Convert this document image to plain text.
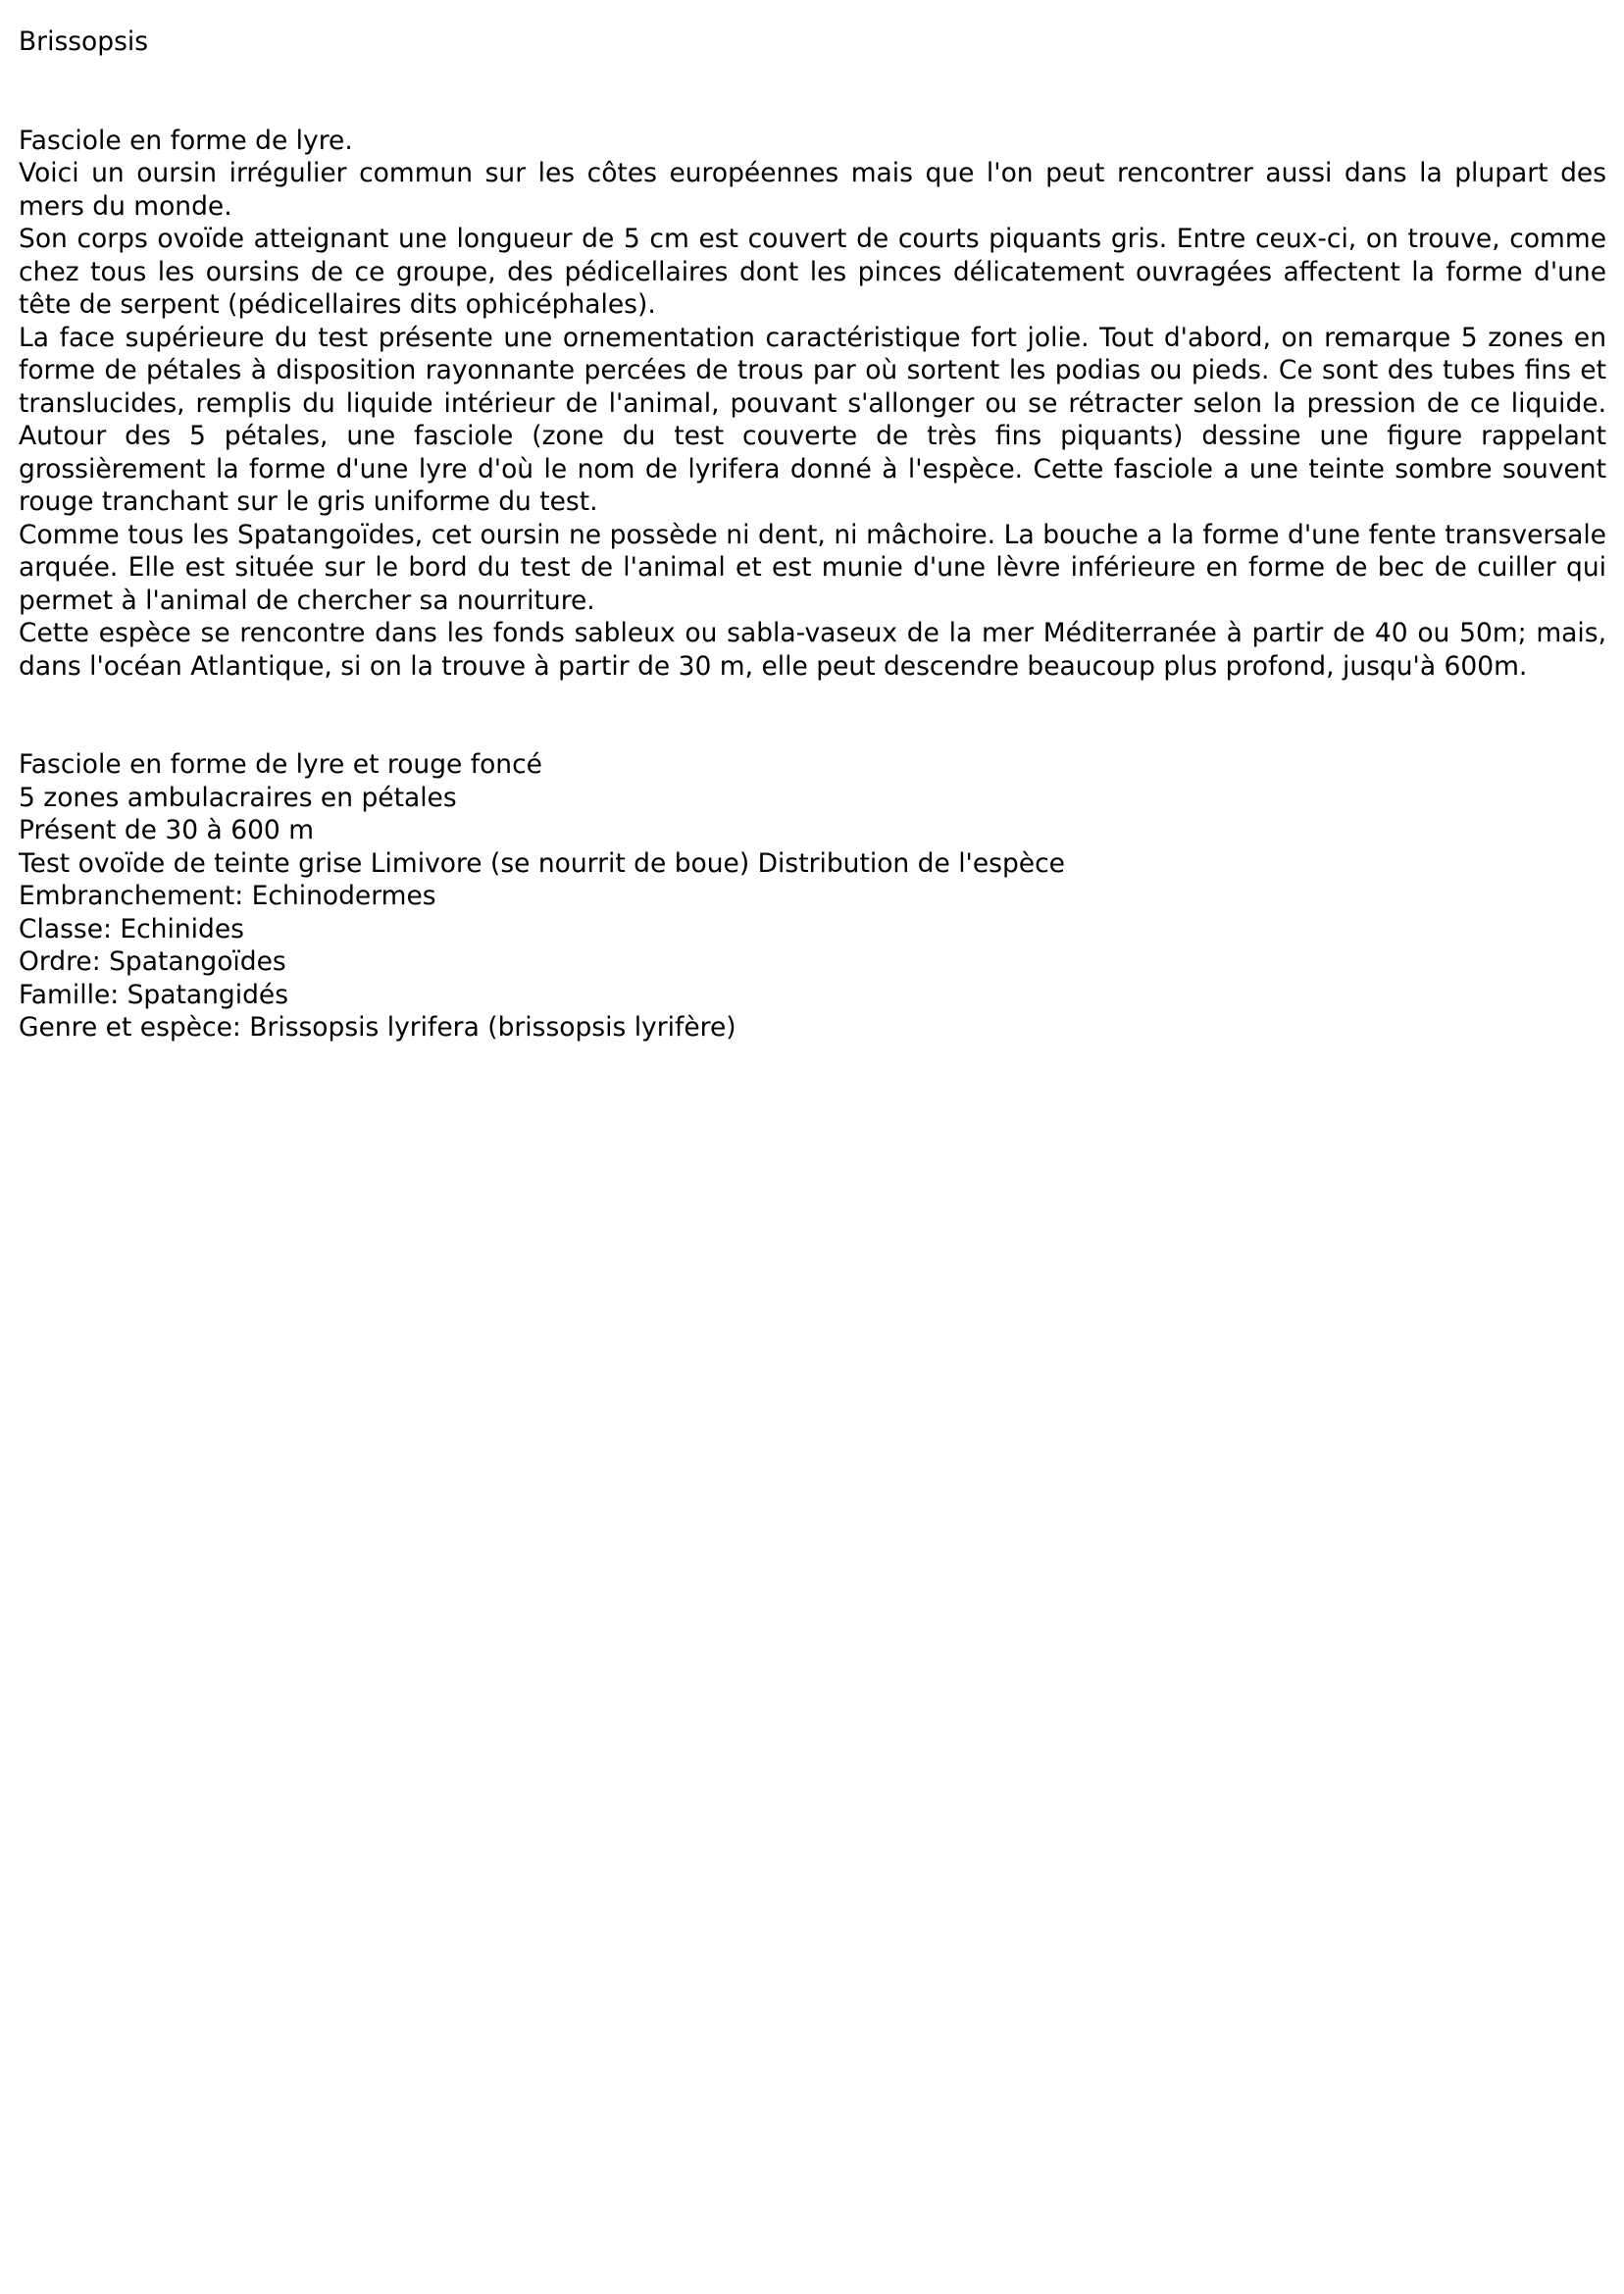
Brissopsis

Fasciole en forme de lyre.

Voici un oursin irrégulier commun sur les côtes européennes mais que l'on peut rencontrer aussi dans la plupart des mers du monde.

Son corps ovoïde atteignant une longueur de 5 cm est couvert de courts piquants gris. Entre ceux-ci, on trouve, comme chez tous les oursins de ce groupe, des pédicellaires dont les pinces délicatement ouvragées affectent la forme d'une tête de serpent (pédicellaires dits ophicéphales).

La face supérieure du test présente une ornementation caractéristique fort jolie. Tout d'abord, on remarque 5 zones en forme de pétales à disposition rayonnante percées de trous par où sortent les podias ou pieds. Ce sont des tubes fins et translucides, remplis du liquide intérieur de l'animal, pouvant s'allonger ou se rétracter selon la pression de ce liquide. Autour des 5 pétales, une fasciole (zone du test couverte de très fins piquants) dessine une figure rappelant grossièrement la forme d'une lyre d'où le nom de lyrifera donné à l'espèce. Cette fasciole a une teinte sombre souvent rouge tranchant sur le gris uniforme du test.

Comme tous les Spatangoïdes, cet oursin ne possède ni dent, ni mâchoire. La bouche a la forme d'une fente transversale arquée. Elle est située sur le bord du test de l'animal et est munie d'une lèvre inférieure en forme de bec de cuiller qui permet à l'animal de chercher sa nourriture.

Cette espèce se rencontre dans les fonds sableux ou sabla-vaseux de la mer Méditerranée à partir de 40 ou 50m; mais, dans l'océan Atlantique, si on la trouve à partir de 30 m, elle peut descendre beaucoup plus profond, jusqu'à 600m.

Fasciole en forme de lyre et rouge foncé
5 zones ambulacraires en pétales
Présent de 30 à 600 m
Test ovoïde de teinte grise Limivore (se nourrit de boue) Distribution de l'espèce
Embranchement: Echinodermes
Classe: Echinides
Ordre: Spatangoïdes
Famille: Spatangidés
Genre et espèce: Brissopsis lyrifera (brissopsis lyrifère)
